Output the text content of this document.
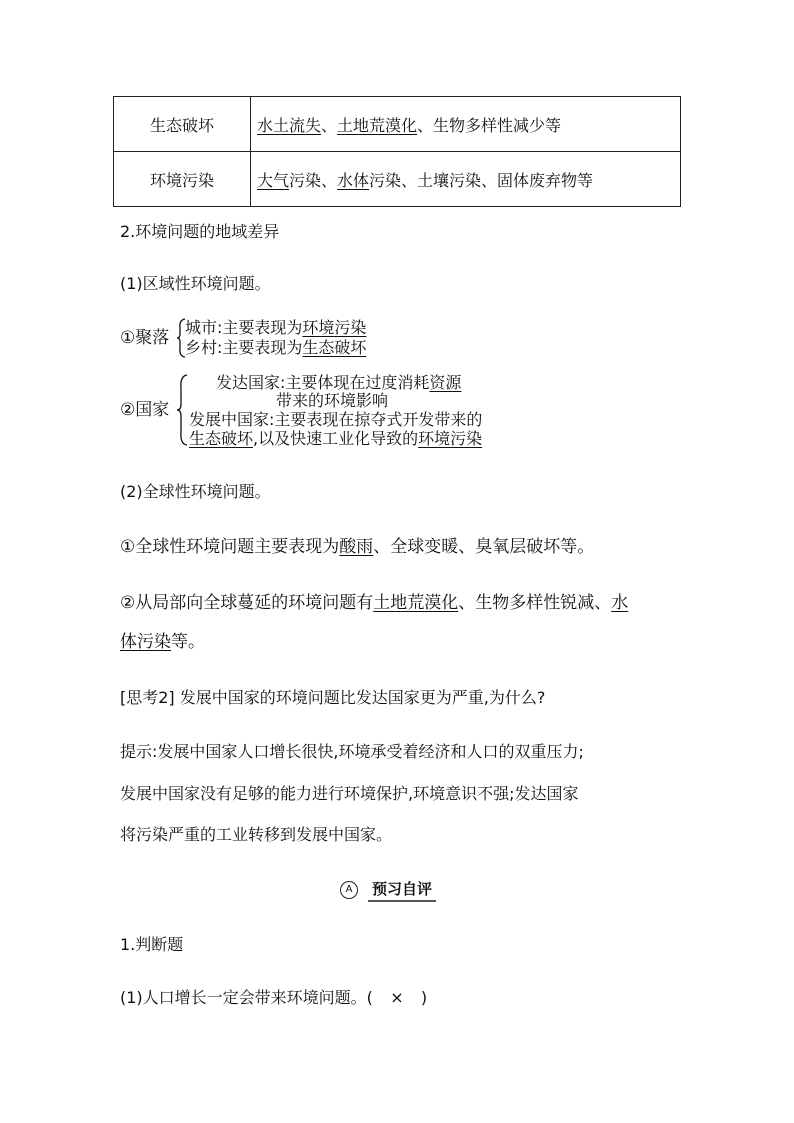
生态破坏	水土流失、土地荒漠化、生物多样性减少等
环境污染	大气污染、水体污染、土壤污染、固体废弃物等
2.环境问题的地域差异
(1)区域性环境问题。
①聚落
城市:主要表现为环境污染
乡村:主要表现为生态破坏
②国家
发达国家:主要体现在过度消耗资源
带来的环境影响
发展中国家:主要表现在掠夺式开发带来的
生态破坏,以及快速工业化导致的环境污染
(2)全球性环境问题。
①全球性环境问题主要表现为酸雨、全球变暖、臭氧层破坏等。
②从局部向全球蔓延的环境问题有土地荒漠化、生物多样性锐减、水
体污染等。
[思考2] 发展中国家的环境问题比发达国家更为严重,为什么?
提示:发展中国家人口增长很快,环境承受着经济和人口的双重压力;
发展中国家没有足够的能力进行环境保护,环境意识不强;发达国家
将污染严重的工业转移到发展中国家。
A	预习自评
1.判断题
(1)人口增长一定会带来环境问题。( × )
